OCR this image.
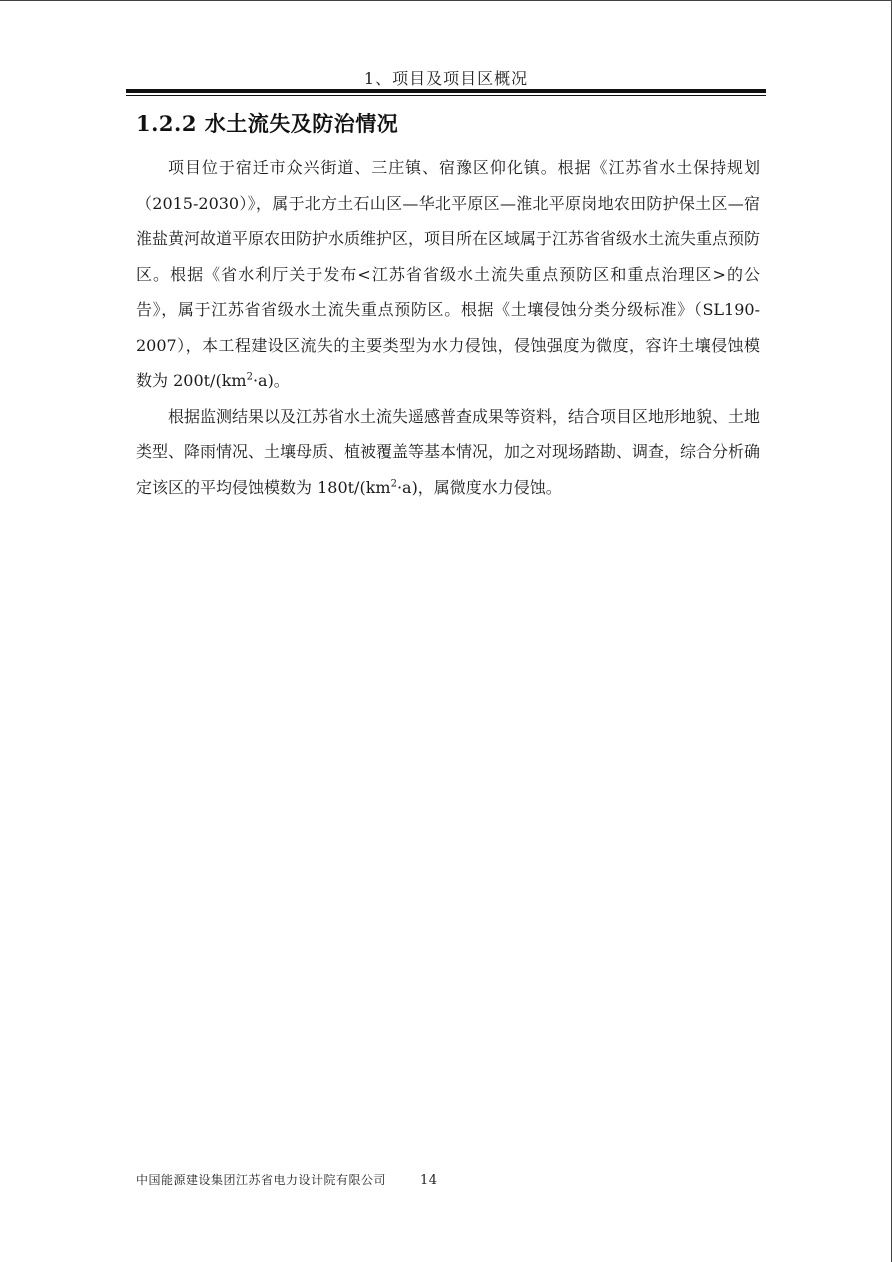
1、项目及项目区概况
1.2.2 水土流失及防治情况

项目位于宿迁市众兴街道、三庄镇、宿豫区仰化镇。根据《江苏省水土保持规划（2015-2030）》，属于北方土石山区—华北平原区—淮北平原岗地农田防护保土区—宿淮盐黄河故道平原农田防护水质维护区，项目所在区域属于江苏省省级水土流失重点预防区。根据《省水利厅关于发布<江苏省省级水土流失重点预防区和重点治理区>的公告》，属于江苏省省级水土流失重点预防区。根据《土壤侵蚀分类分级标准》（SL190-2007），本工程建设区流失的主要类型为水力侵蚀，侵蚀强度为微度，容许土壤侵蚀模数为 $200t/(km^2\cdot a)$。

根据监测结果以及江苏省水土流失遥感普查成果等资料，结合项目区地形地貌、土地类型、降雨情况、土壤母质、植被覆盖等基本情况，加之对现场踏勘、调查，综合分析确定该区的平均侵蚀模数为 $180t/(km^2\cdot a)$，属微度水力侵蚀。

中国能源建设集团江苏省电力设计院有限公司	14
